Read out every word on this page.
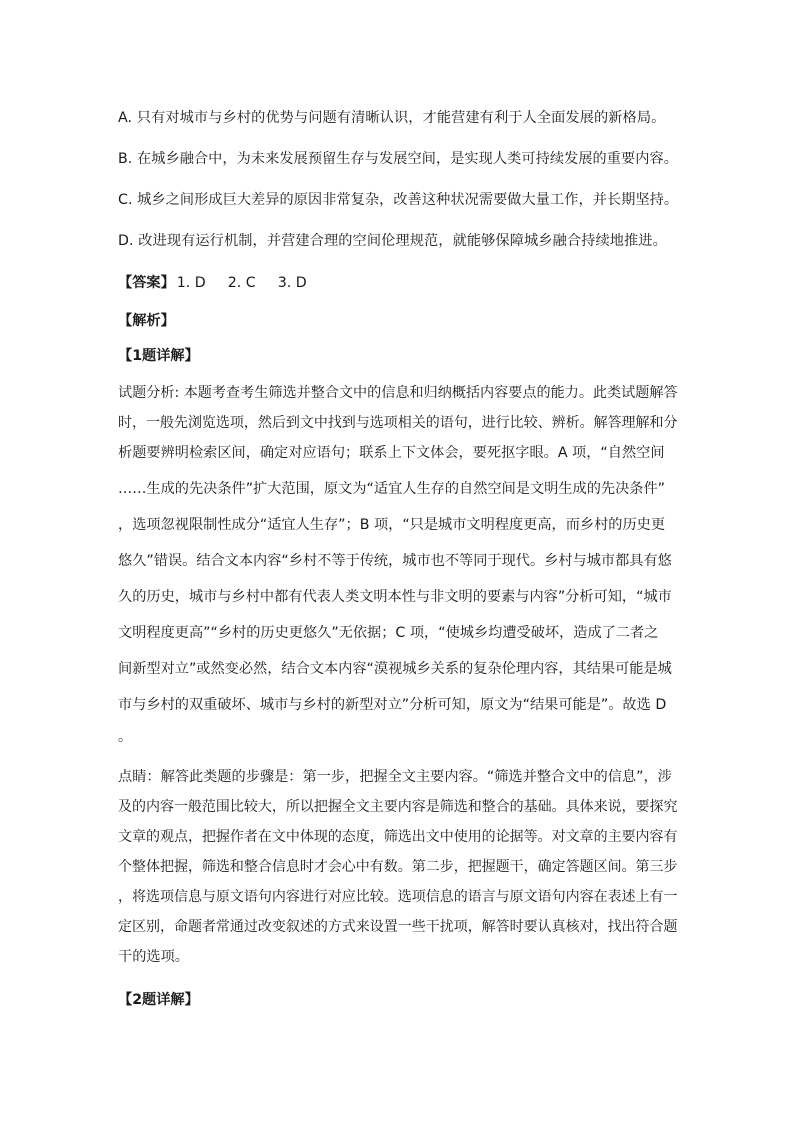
A. 只有对城市与乡村的优势与问题有清晰认识，才能营建有利于人全面发展的新格局。
B. 在城乡融合中，为未来发展预留生存与发展空间，是实现人类可持续发展的重要内容。
C. 城乡之间形成巨大差异的原因非常复杂，改善这种状况需要做大量工作，并长期坚持。
D. 改进现有运行机制，并营建合理的空间伦理规范，就能够保障城乡融合持续地推进。
【答案】 1. D 2. C 3. D
【解析】
【1题详解】
试题分析: 本题考查考生筛选并整合文中的信息和归纳概括内容要点的能力。此类试题解答
时，一般先浏览选项，然后到文中找到与选项相关的语句，进行比较、辨析。解答理解和分
析题要辨明检索区间，确定对应语句；联系上下文体会，要死抠字眼。A 项，“自然空间
……生成的先决条件”扩大范围，原文为“适宜人生存的自然空间是文明生成的先决条件”
，选项忽视限制性成分“适宜人生存”；B 项，“只是城市文明程度更高，而乡村的历史更
悠久”错误。结合文本内容“乡村不等于传统，城市也不等同于现代。乡村与城市都具有悠
久的历史，城市与乡村中都有代表人类文明本性与非文明的要素与内容”分析可知，“城市
文明程度更高”“乡村的历史更悠久”无依据；C 项，“使城乡均遭受破坏，造成了二者之
间新型对立”或然变必然，结合文本内容“漠视城乡关系的复杂伦理内容，其结果可能是城
市与乡村的双重破坏、城市与乡村的新型对立”分析可知，原文为“结果可能是”。故选 D
。
点睛：解答此类题的步骤是：第一步，把握全文主要内容。“筛选并整合文中的信息”，涉
及的内容一般范围比较大，所以把握全文主要内容是筛选和整合的基础。具体来说，要探究
文章的观点，把握作者在文中体现的态度，筛选出文中使用的论据等。对文章的主要内容有
个整体把握，筛选和整合信息时才会心中有数。第二步，把握题干，确定答题区间。第三步
，将选项信息与原文语句内容进行对应比较。选项信息的语言与原文语句内容在表述上有一
定区别，命题者常通过改变叙述的方式来设置一些干扰项，解答时要认真核对，找出符合题
干的选项。
【2题详解】
